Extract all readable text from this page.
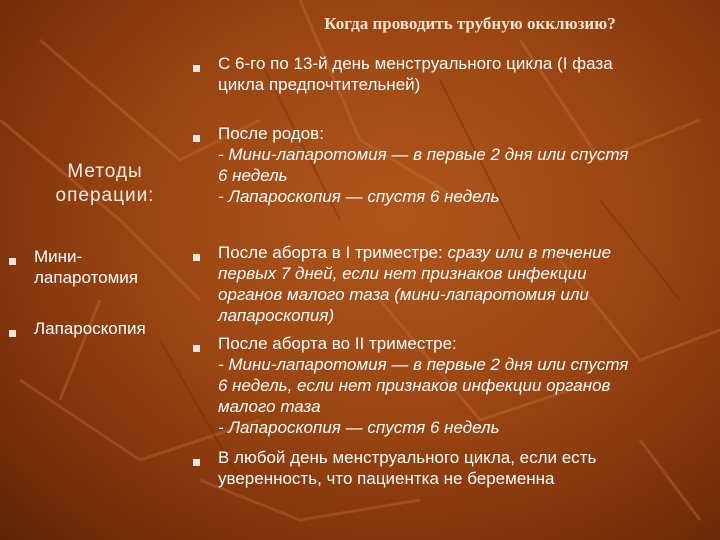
Когда проводить трубную окклюзию?
Методы
операции:
Мини-
лапаротомия
Лапароскопия
С 6-го по 13-й день менструального цикла (I фаза
цикла предпочтительней)
После родов:
- Мини-лапаротомия — в первые 2 дня или спустя
6 недель
- Лапароскопия — спустя 6 недель
После аборта в I триместре: сразу или в течение
первых 7 дней, если нет признаков инфекции
органов малого таза (мини-лапаротомия или
лапароскопия)
После аборта во II триместре:
- Мини-лапаротомия — в первые 2 дня или спустя
6 недель, если нет признаков инфекции органов
малого таза
- Лапароскопия — спустя 6 недель
В любой день менструального цикла, если есть
уверенность, что пациентка не беременна
